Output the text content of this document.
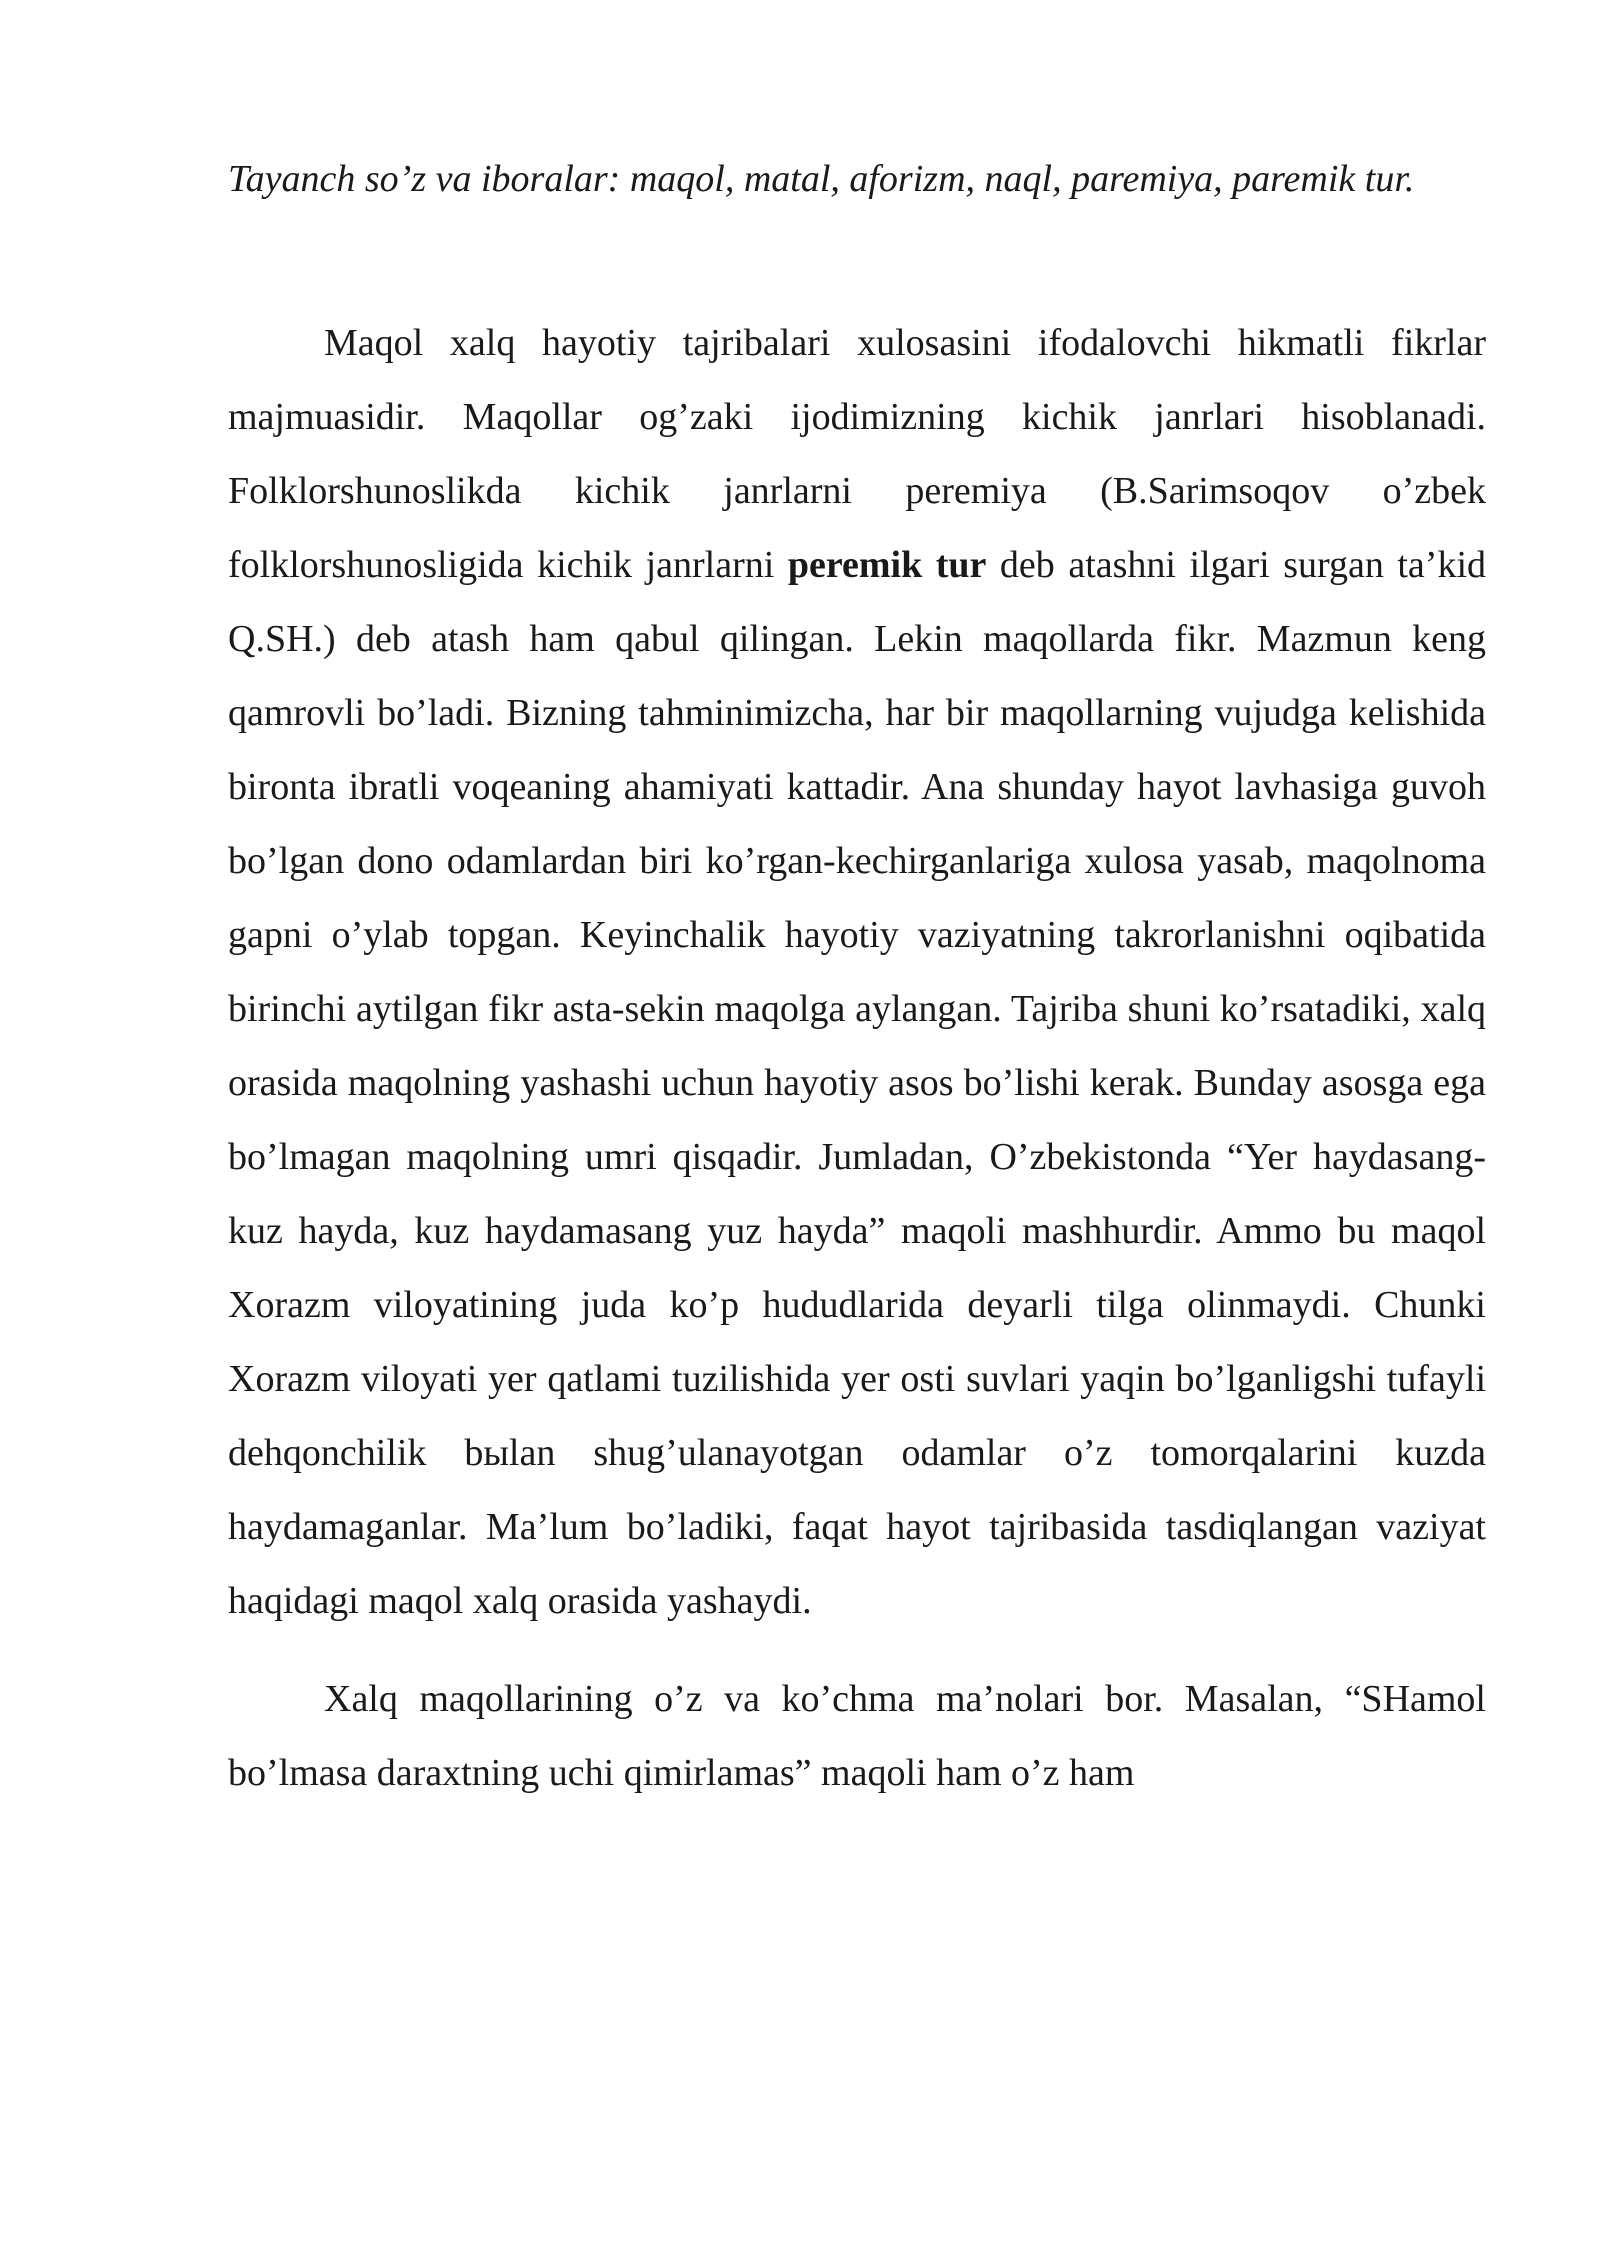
Tayanch so’z va iboralar: maqol, matal, aforizm, naql, paremiya, paremik tur.

Maqol xalq hayotiy tajribalari xulosasini ifodalovchi hikmatli fikrlar majmuasidir. Maqollar og’zaki ijodimizning kichik janrlari hisoblanadi. Folklorshunoslikda kichik janrlarni peremiya (B.Sarimsoqov o’zbek folklorshunosligida kichik janrlarni peremik tur deb atashni ilgari surgan ta’kid Q.SH.) deb atash ham qabul qilingan. Lekin maqollarda fikr. Mazmun keng qamrovli bo’ladi. Bizning tahminimizcha, har bir maqollarning vujudga kelishida bironta ibratli voqeaning ahamiyati kattadir. Ana shunday hayot lavhasiga guvoh bo’lgan dono odamlardan biri ko’rgan-kechirganlariga xulosa yasab, maqolnoma gapni o’ylab topgan. Keyinchalik hayotiy vaziyatning takrorlanishni oqibatida birinchi aytilgan fikr asta-sekin maqolga aylangan. Tajriba shuni ko’rsatadiki, xalq orasida maqolning yashashi uchun hayotiy asos bo’lishi kerak. Bunday asosga ega bo’lmagan maqolning umri qisqadir. Jumladan, O’zbekistonda “Yer haydasang-kuz hayda, kuz haydamasang yuz hayda” maqoli mashhurdir. Ammo bu maqol Xorazm viloyatining juda ko’p hududlarida deyarli tilga olinmaydi. Chunki Xorazm viloyati yer qatlami tuzilishida yer osti suvlari yaqin bo’lganligshi tufayli dehqonchilik bыlan shug’ulanayotgan odamlar o’z tomorqalarini kuzda haydamaganlar. Ma’lum bo’ladiki, faqat hayot tajribasida tasdiqlangan vaziyat haqidagi maqol xalq orasida yashaydi.

Xalq maqollarining o’z va ko’chma ma’nolari bor. Masalan, “SHamol bo’lmasa daraxtning uchi qimirlamas” maqoli ham o’z ham
